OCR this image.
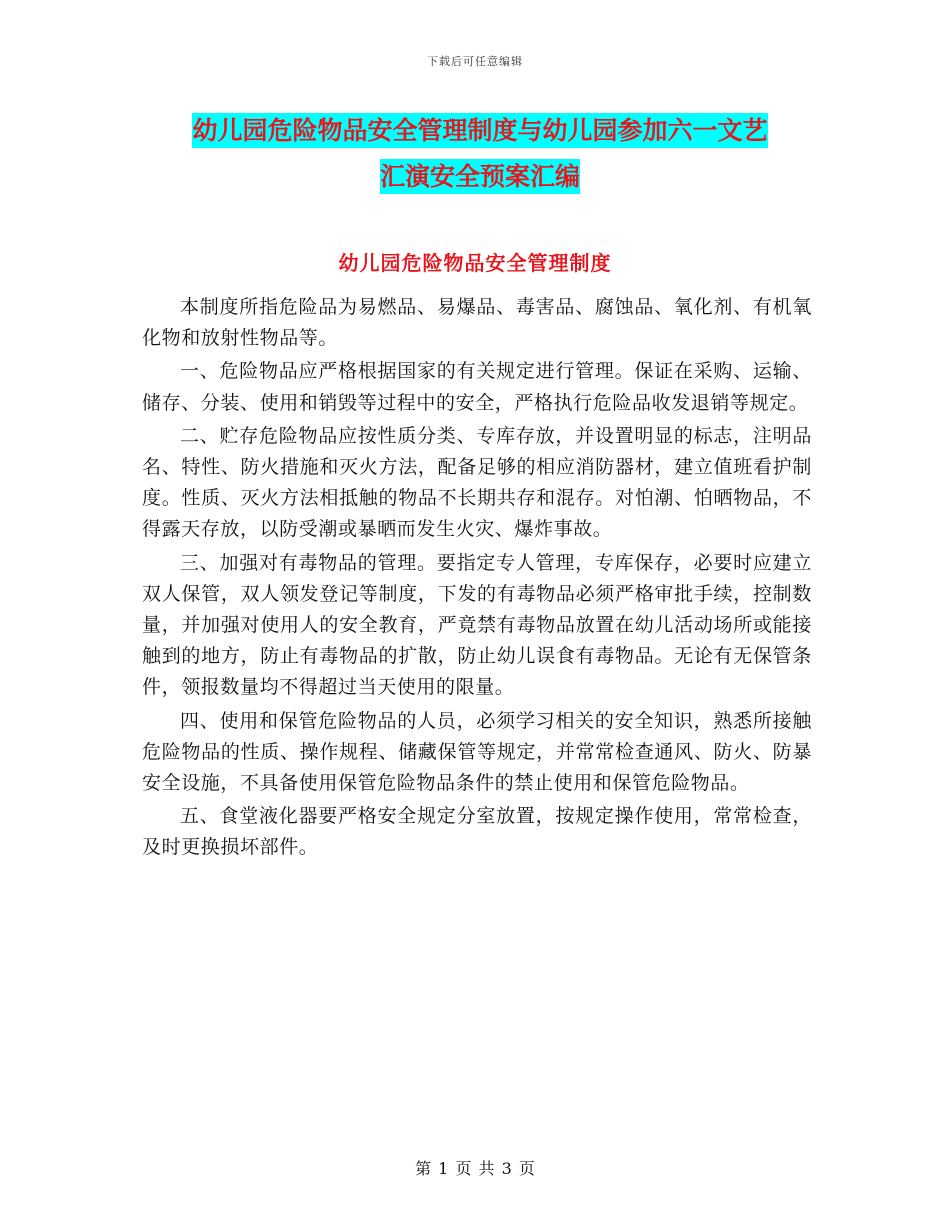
下载后可任意编辑
幼儿园危险物品安全管理制度与幼儿园参加六一文艺
汇演安全预案汇编
幼儿园危险物品安全管理制度

本制度所指危险品为易燃品、易爆品、毒害品、腐蚀品、氧化剂、有机氧化物和放射性物品等。

一、危险物品应严格根据国家的有关规定进行管理。保证在采购、运输、储存、分装、使用和销毁等过程中的安全，严格执行危险品收发退销等规定。

二、贮存危险物品应按性质分类、专库存放，并设置明显的标志，注明品名、特性、防火措施和灭火方法，配备足够的相应消防器材，建立值班看护制度。性质、灭火方法相抵触的物品不长期共存和混存。对怕潮、怕晒物品，不得露天存放，以防受潮或暴晒而发生火灾、爆炸事故。

三、加强对有毒物品的管理。要指定专人管理，专库保存，必要时应建立双人保管，双人领发登记等制度，下发的有毒物品必须严格审批手续，控制数量，并加强对使用人的安全教育，严竟禁有毒物品放置在幼儿活动场所或能接触到的地方，防止有毒物品的扩散，防止幼儿误食有毒物品。无论有无保管条件，领报数量均不得超过当天使用的限量。

四、使用和保管危险物品的人员，必须学习相关的安全知识，熟悉所接触危险物品的性质、操作规程、储藏保管等规定，并常常检查通风、防火、防暴安全设施，不具备使用保管危险物品条件的禁止使用和保管危险物品。

五、食堂液化器要严格安全规定分室放置，按规定操作使用，常常检查，及时更换损坏部件。

第 1 页 共 3 页
